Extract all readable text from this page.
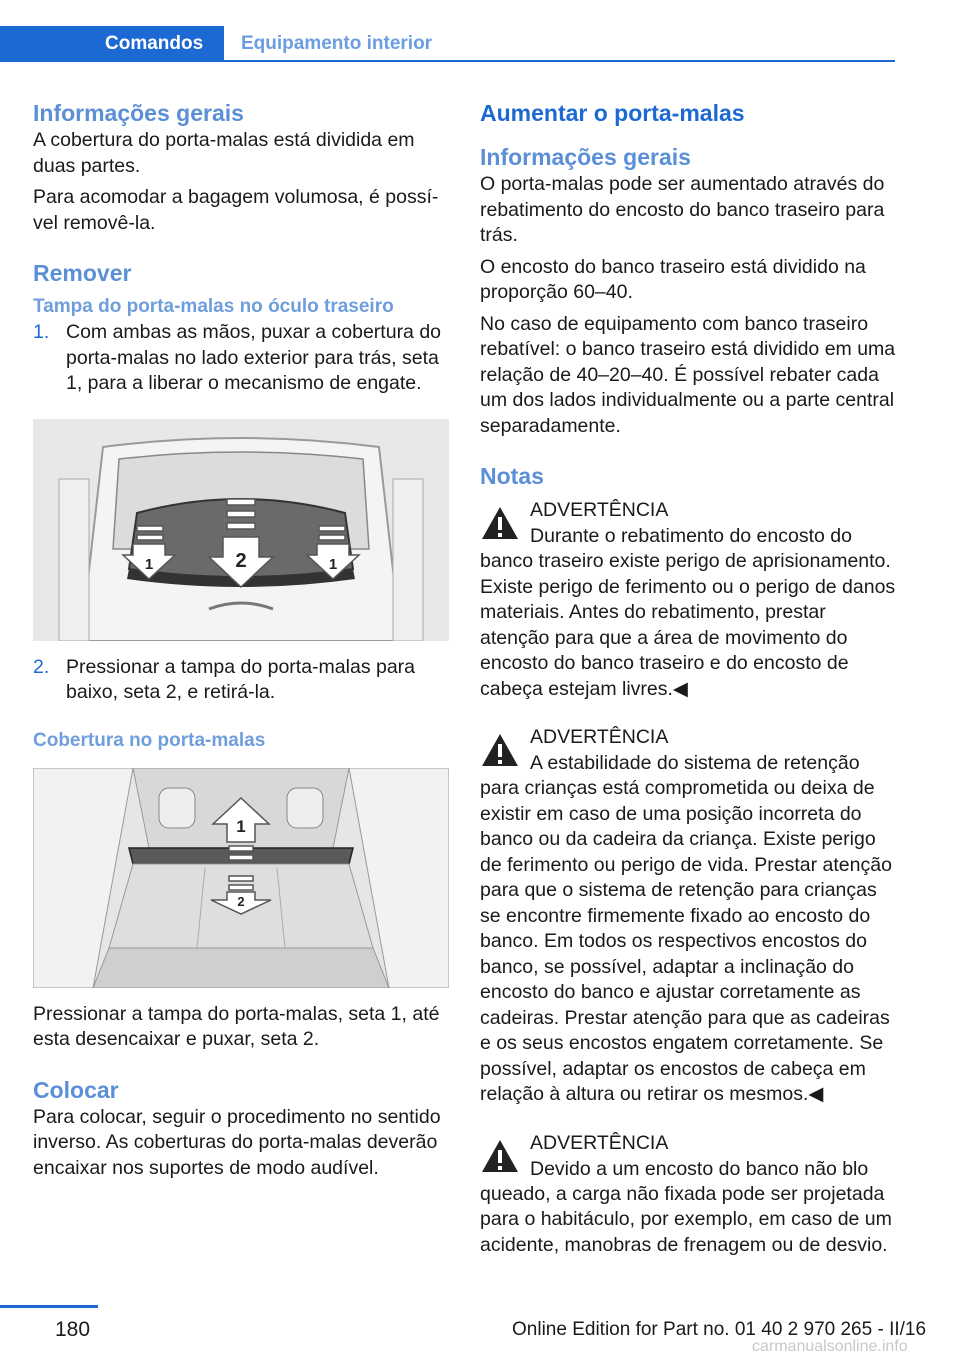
Comandos	Equipamento interior
Informações gerais

A cobertura do porta-malas está dividida em duas partes.

Para acomodar a bagagem volumosa, é possível removê-la.

Remover
Tampa do porta-malas no óculo traseiro
1. Com ambas as mãos, puxar a cobertura do porta-malas no lado exterior para trás, seta 1, para a liberar o mecanismo de engate.
1	2	1
2. Pressionar a tampa do porta-malas para baixo, seta 2, e retirá-la.
Cobertura no porta-malas
1
2

Pressionar a tampa do porta-malas, seta 1, até esta desencaixar e puxar, seta 2.

Colocar

Para colocar, seguir o procedimento no sentido inverso. As coberturas do porta-malas deverão encaixar nos suportes de modo audível.

Aumentar o porta-malas
Informações gerais

O porta-malas pode ser aumentado através do rebatimento do encosto do banco traseiro para trás.

O encosto do banco traseiro está dividido na proporção 60–40.

No caso de equipamento com banco traseiro rebatível: o banco traseiro está dividido em uma relação de 40–20–40. É possível rebater cada um dos lados individualmente ou a parte central separadamente.

Notas
ADVERTÊNCIA
Durante o rebatimento do encosto do
banco traseiro existe perigo de aprisionamento. Existe perigo de ferimento ou o perigo de danos materiais. Antes do rebatimento, prestar atenção para que a área de movimento do encosto do banco traseiro e do encosto de cabeça estejam livres.◀
ADVERTÊNCIA
A estabilidade do sistema de retenção
para crianças está comprometida ou deixa de existir em caso de uma posição incorreta do banco ou da cadeira da criança. Existe perigo de ferimento ou perigo de vida. Prestar atenção para que o sistema de retenção para crianças se encontre firmemente fixado ao encosto do banco. Em todos os respectivos encostos do banco, se possível, adaptar a inclinação do encosto do banco e ajustar corretamente as cadeiras. Prestar atenção para que as cadeiras e os seus encostos engatem corretamente. Se possível, adaptar os encostos de cabeça em relação à altura ou retirar os mesmos.◀
ADVERTÊNCIA
Devido a um encosto do banco não blo
queado, a carga não fixada pode ser projetada para o habitáculo, por exemplo, em caso de um acidente, manobras de frenagem ou de desvio.
180	Online Edition for Part no. 01 40 2 970 265 - II/16
carmanualsonline.info
